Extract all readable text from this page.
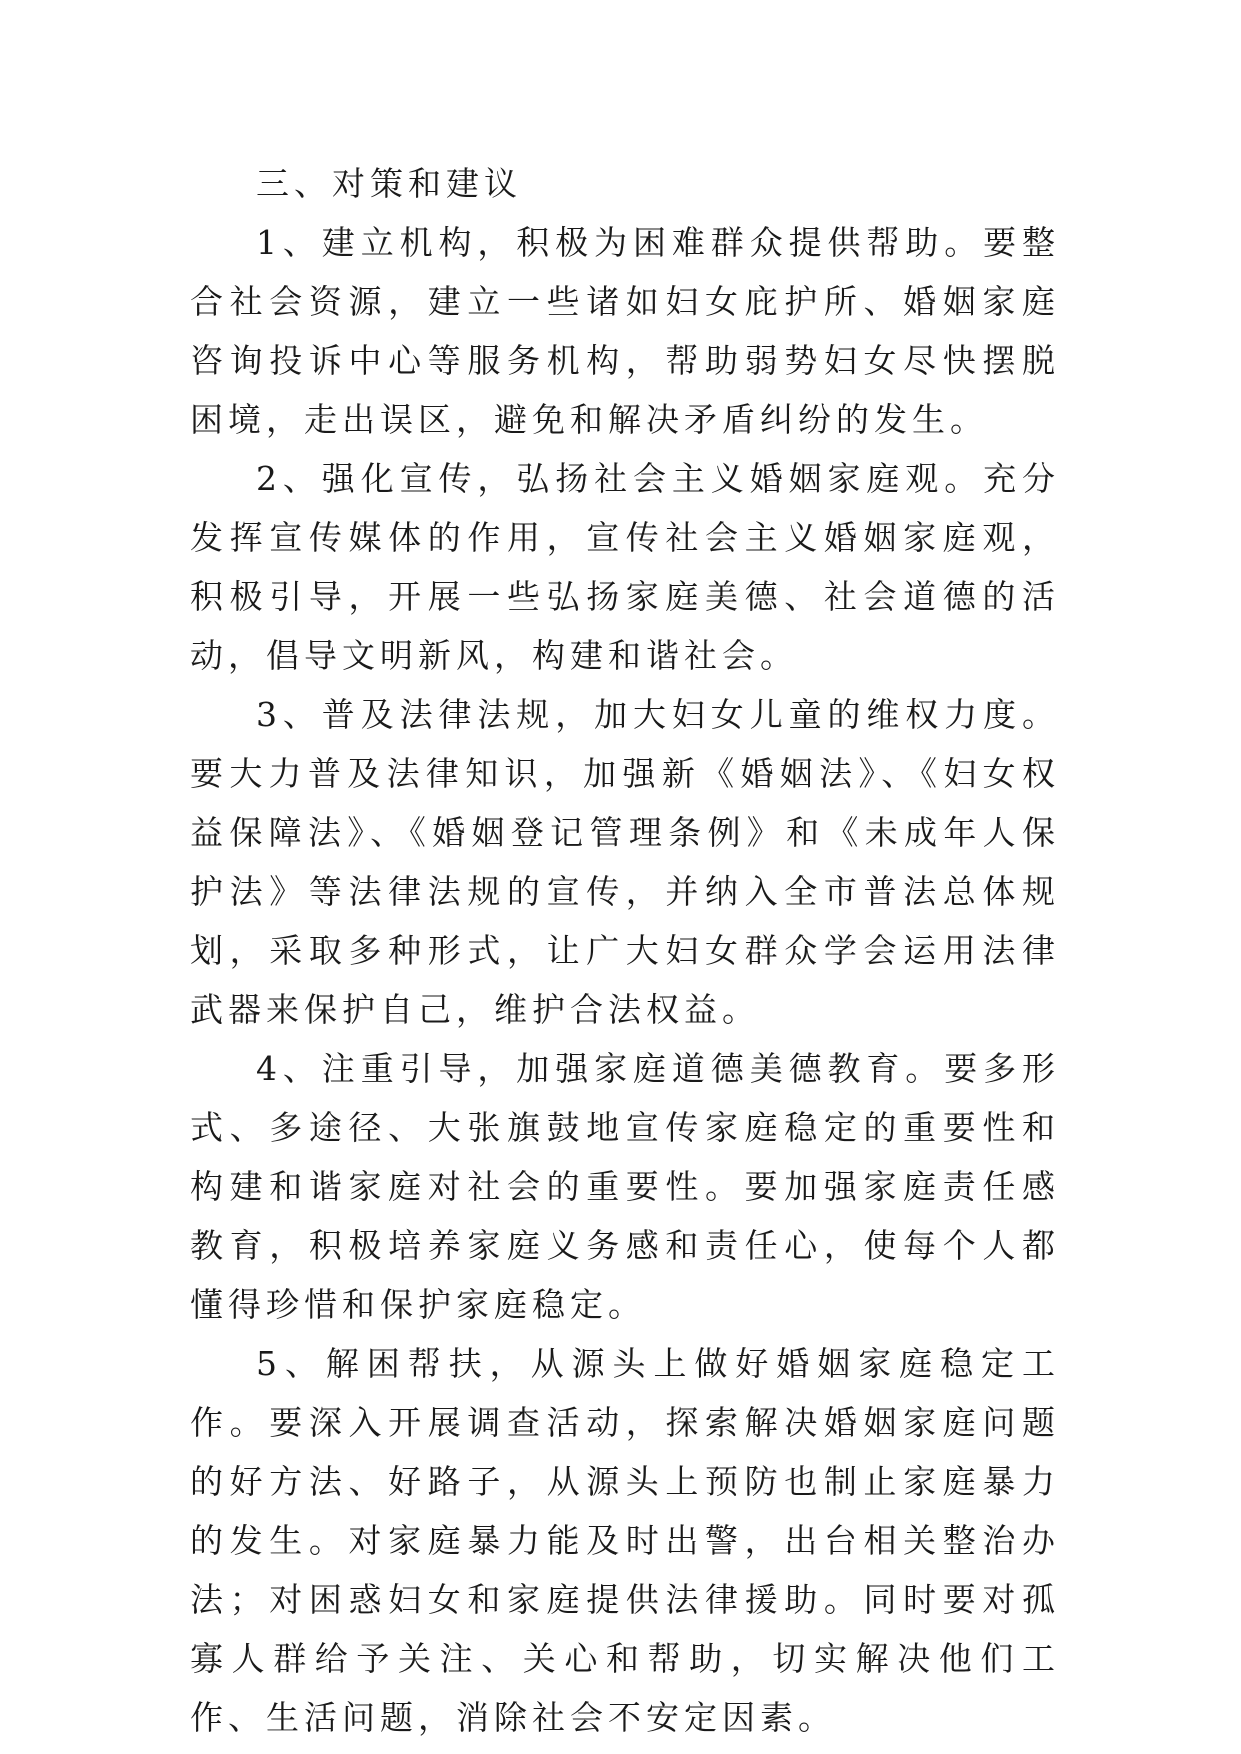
三、对策和建议

1、建立机构，积极为困难群众提供帮助。要整合社会资源，建立一些诸如妇女庇护所、婚姻家庭咨询投诉中心等服务机构，帮助弱势妇女尽快摆脱困境，走出误区，避免和解决矛盾纠纷的发生。

2、强化宣传，弘扬社会主义婚姻家庭观。充分发挥宣传媒体的作用，宣传社会主义婚姻家庭观，积极引导，开展一些弘扬家庭美德、社会道德的活动，倡导文明新风，构建和谐社会。

3、普及法律法规，加大妇女儿童的维权力度。要大力普及法律知识，加强新《婚姻法》、《妇女权益保障法》、《婚姻登记管理条例》和《未成年人保护法》等法律法规的宣传，并纳入全市普法总体规划，采取多种形式，让广大妇女群众学会运用法律武器来保护自己，维护合法权益。

4、注重引导，加强家庭道德美德教育。要多形式、多途径、大张旗鼓地宣传家庭稳定的重要性和构建和谐家庭对社会的重要性。要加强家庭责任感教育，积极培养家庭义务感和责任心，使每个人都懂得珍惜和保护家庭稳定。

5、解困帮扶，从源头上做好婚姻家庭稳定工作。要深入开展调查活动，探索解决婚姻家庭问题的好方法、好路子，从源头上预防也制止家庭暴力的发生。对家庭暴力能及时出警，出台相关整治办法；对困惑妇女和家庭提供法律援助。同时要对孤寡人群给予关注、关心和帮助，切实解决他们工作、生活问题，消除社会不安定因素。
